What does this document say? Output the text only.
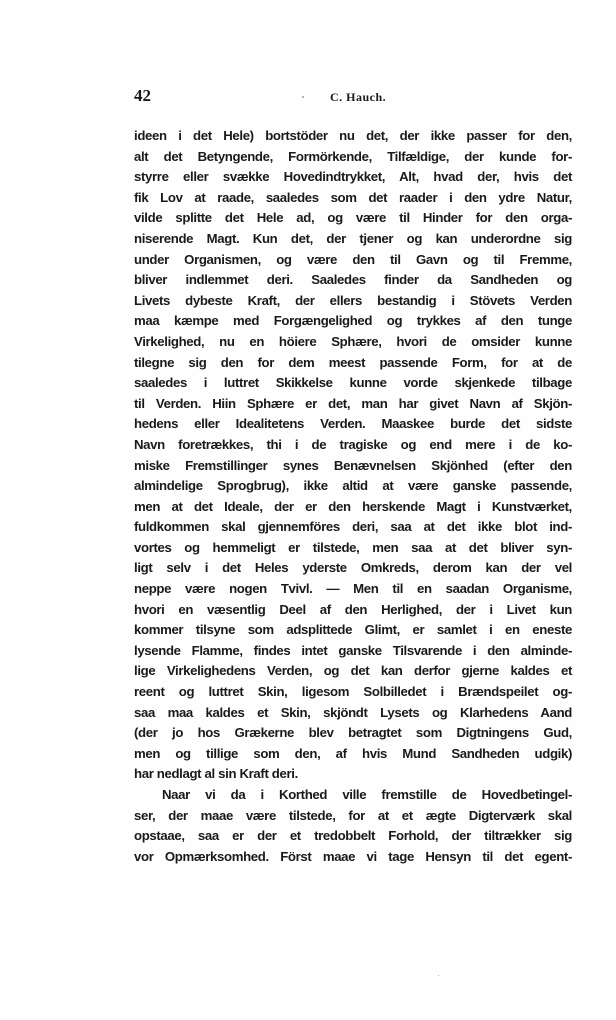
42	C. Hauch.
ideen i det Hele) bortstöder nu det, der ikke passer for den,
alt det Betyngende, Formörkende, Tilfældige, der kunde for-
styrre eller svække Hovedindtrykket, Alt, hvad der, hvis det
fik Lov at raade, saaledes som det raader i den ydre Natur,
vilde splitte det Hele ad, og være til Hinder for den orga-
niserende Magt. Kun det, der tjener og kan underordne sig
under Organismen, og være den til Gavn og til Fremme,
bliver indlemmet deri. Saaledes finder da Sandheden og
Livets dybeste Kraft, der ellers bestandig i Stövets Verden
maa kæmpe med Forgængelighed og trykkes af den tunge
Virkelighed, nu en höiere Sphære, hvori de omsider kunne
tilegne sig den for dem meest passende Form, for at de
saaledes i luttret Skikkelse kunne vorde skjenkede tilbage
til Verden. Hiin Sphære er det, man har givet Navn af Skjön-
hedens eller Idealitetens Verden. Maaskee burde det sidste
Navn foretrækkes, thi i de tragiske og end mere i de ko-
miske Fremstillinger synes Benævnelsen Skjönhed (efter den
almindelige Sprogbrug), ikke altid at være ganske passende,
men at det Ideale, der er den herskende Magt i Kunstværket,
fuldkommen skal gjennemföres deri, saa at det ikke blot ind-
vortes og hemmeligt er tilstede, men saa at det bliver syn-
ligt selv i det Heles yderste Omkreds, derom kan der vel
neppe være nogen Tvivl. — Men til en saadan Organisme,
hvori en væsentlig Deel af den Herlighed, der i Livet kun
kommer tilsyne som adsplittede Glimt, er samlet i en eneste
lysende Flamme, findes intet ganske Tilsvarende i den alminde-
lige Virkelighedens Verden, og det kan derfor gjerne kaldes et
reent og luttret Skin, ligesom Solbilledet i Brændspeilet og-
saa maa kaldes et Skin, skjöndt Lysets og Klarhedens Aand
(der jo hos Grækerne blev betragtet som Digtningens Gud,
men og tillige som den, af hvis Mund Sandheden udgik)
har nedlagt al sin Kraft deri.
Naar vi da i Korthed ville fremstille de Hovedbetingel-
ser, der maae være tilstede, for at et ægte Digterværk skal
opstaae, saa er der et tredobbelt Forhold, der tiltrækker sig
vor Opmærksomhed. Först maae vi tage Hensyn til det egent-
